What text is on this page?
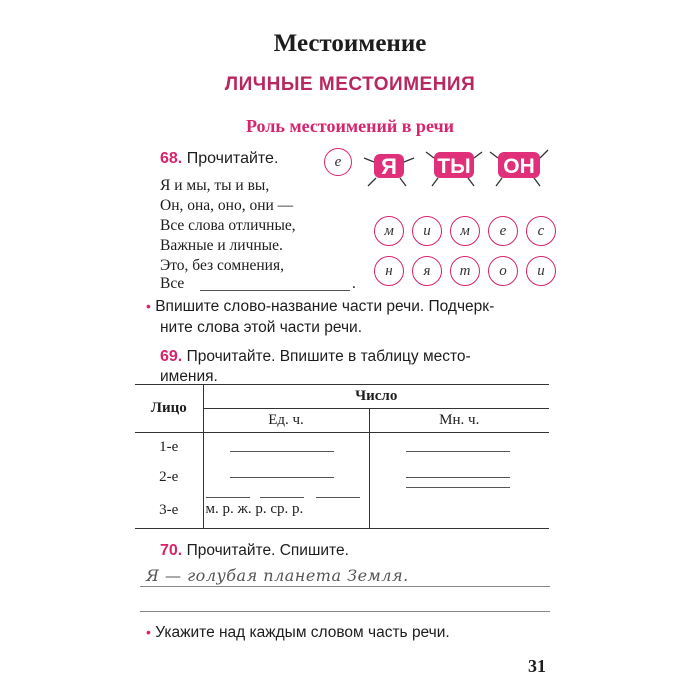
Местоимение
ЛИЧНЫЕ МЕСТОИМЕНИЯ
Роль местоимений в речи
68. Прочитайте.	е
Я и мы, ты и вы,
Он, она, оно, они —
Все слова отличные,
Важные и личные.
Это, без сомнения,
Все	.
Я ТЫ ОН
м	и	м	е	с
н	я	т	о	и
• Впишите слово-название части речи. Подчерк-
ните слова этой части речи.
69. Прочитайте. Впишите в таблицу место-
имения.
Лицо	Число	
	Ед. ч.	Мн. ч.
1-е	

2-е	

3-е	м. р. ж. р. ср. р.	

70. Прочитайте. Спишите.
Я — голубая планета Земля.
• Укажите над каждым словом часть речи.
31
